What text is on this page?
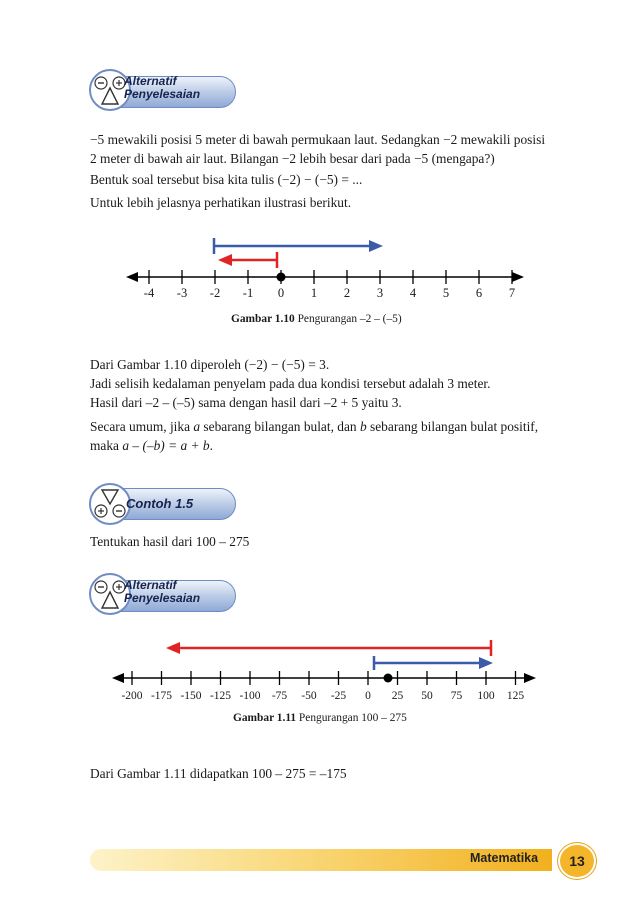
Alternatif
Penyelesaian
−5 mewakili posisi 5 meter di bawah permukaan laut. Sedangkan −2 mewakili posisi
2 meter di bawah air laut. Bilangan −2 lebih besar dari pada −5 (mengapa?)
Bentuk soal tersebut bisa kita tulis (−2) − (−5) = ...
Untuk lebih jelasnya perhatikan ilustrasi berikut.
-4 -3 -2 -1 0 1 2 3 4 5 6 7
Gambar 1.10 Pengurangan –2 – (–5)
Dari Gambar 1.10 diperoleh (−2) − (−5) = 3.
Jadi selisih kedalaman penyelam pada dua kondisi tersebut adalah 3 meter.
Hasil dari –2 – (–5) sama dengan hasil dari –2 + 5 yaitu 3.
Secara umum, jika a sebarang bilangan bulat, dan b sebarang bilangan bulat positif,
maka a – (–b) = a + b.
Contoh 1.5
Tentukan hasil dari 100 – 275
Alternatif
Penyelesaian
-200 -175 -150 -125 -100 -75 -50 -25 0 25 50 75 100 125
Gambar 1.11 Pengurangan 100 – 275
Dari Gambar 1.11 didapatkan 100 – 275 = –175
Matematika	13
